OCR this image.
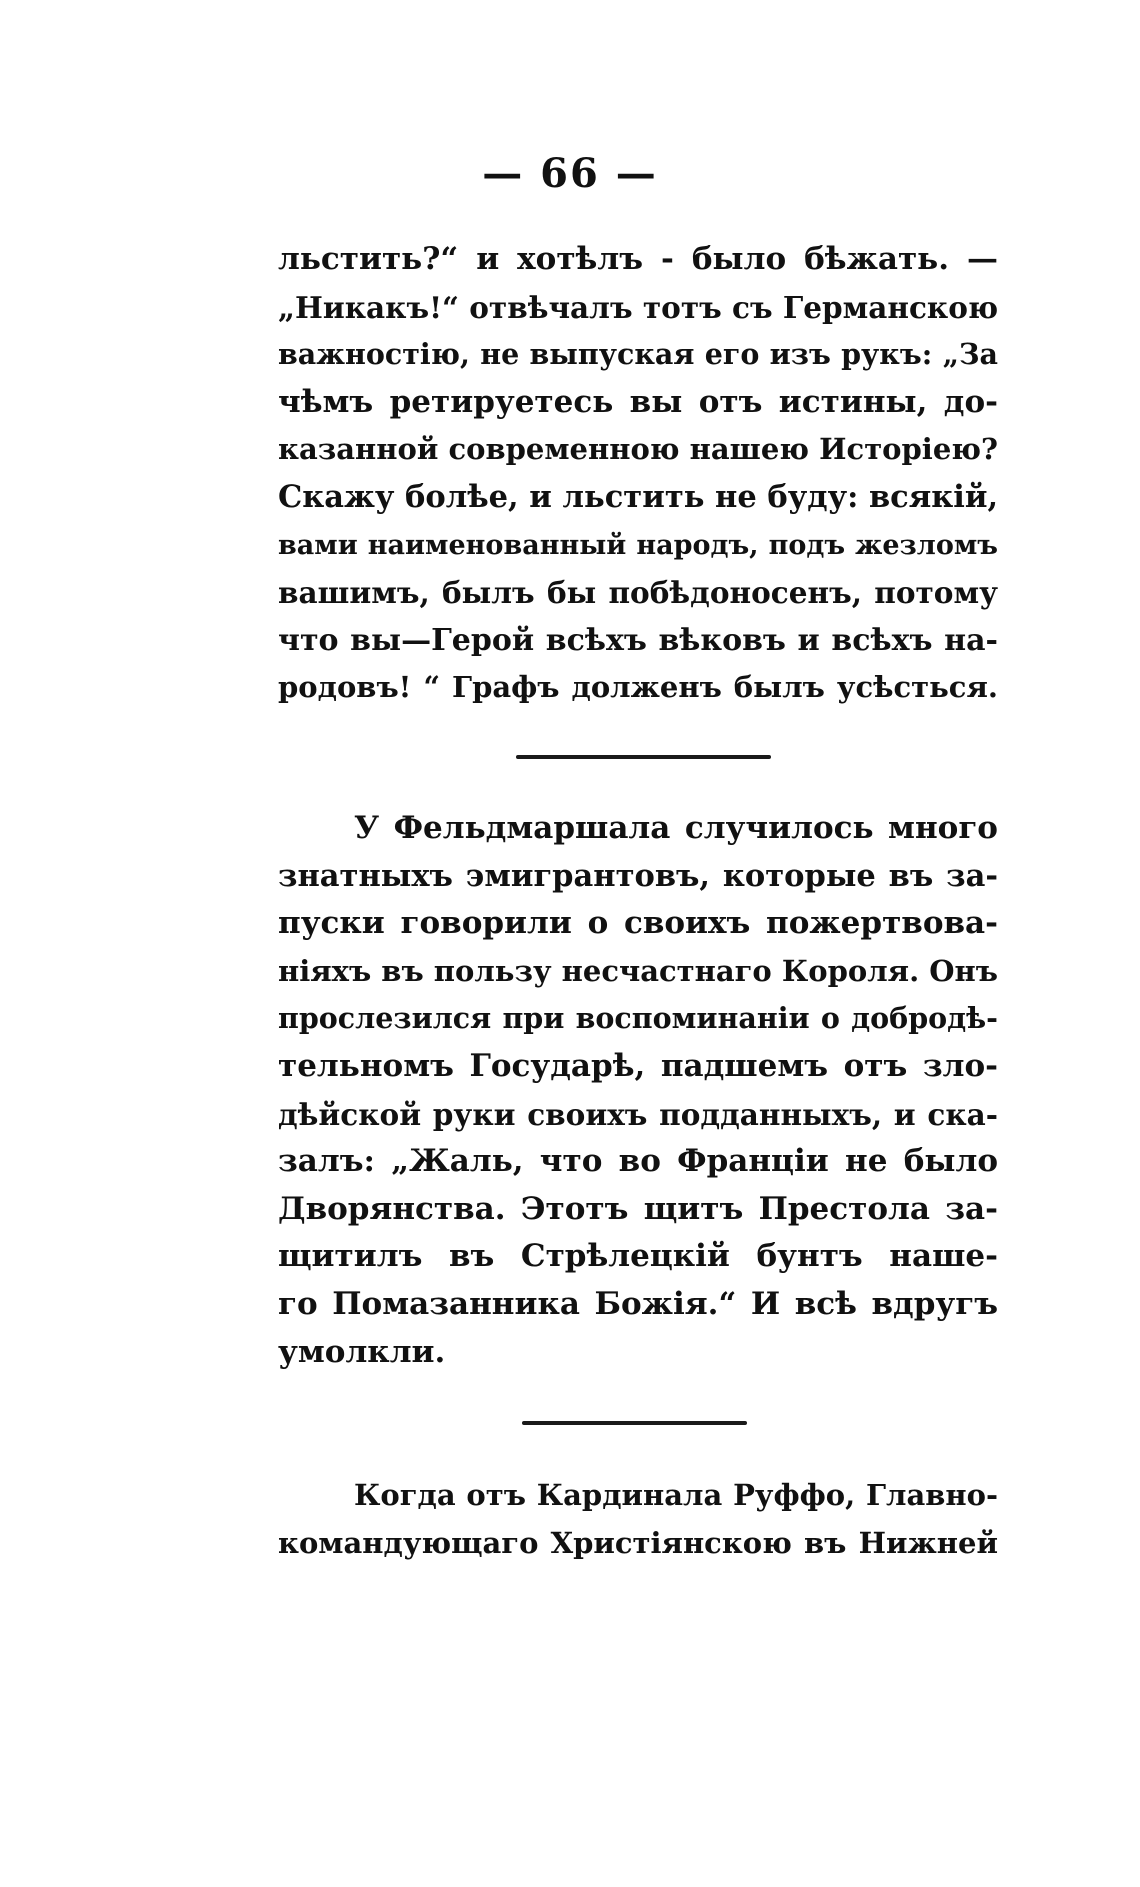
— 66 —
льстить?“ и хотѣлъ - было бѣжать. —
„Никакъ!“ отвѣчалъ тотъ съ Германскою
важностію, не выпуская его изъ рукъ: „За
чѣмъ ретируетесь вы отъ истины, до-
казанной современною нашею Исторіею?
Скажу болѣе, и льстить не буду: всякій,
вами наименованный народъ, подъ жезломъ
вашимъ, былъ бы побѣдоносенъ, потому
что вы—Герой всѣхъ вѣковъ и всѣхъ на-
родовъ! “ Графъ долженъ былъ усѣсться.
У Фельдмаршала случилось много
знатныхъ эмигрантовъ, которые въ за-
пуски говорили о своихъ пожертвова-
ніяхъ въ пользу несчастнаго Короля. Онъ
прослезился при воспоминаніи о добродѣ-
тельномъ Государѣ, падшемъ отъ зло-
дѣйской руки своихъ подданныхъ, и ска-
залъ: „Жаль, что во Франціи не было
Дворянства. Этотъ щитъ Престола за-
щитилъ въ Стрѣлецкій бунтъ наше-
го Помазанника Божія.“ И всѣ вдругъ
умолкли.
Когда отъ Кардинала Руффо, Главно-
командующаго Христіянскою въ Нижней
